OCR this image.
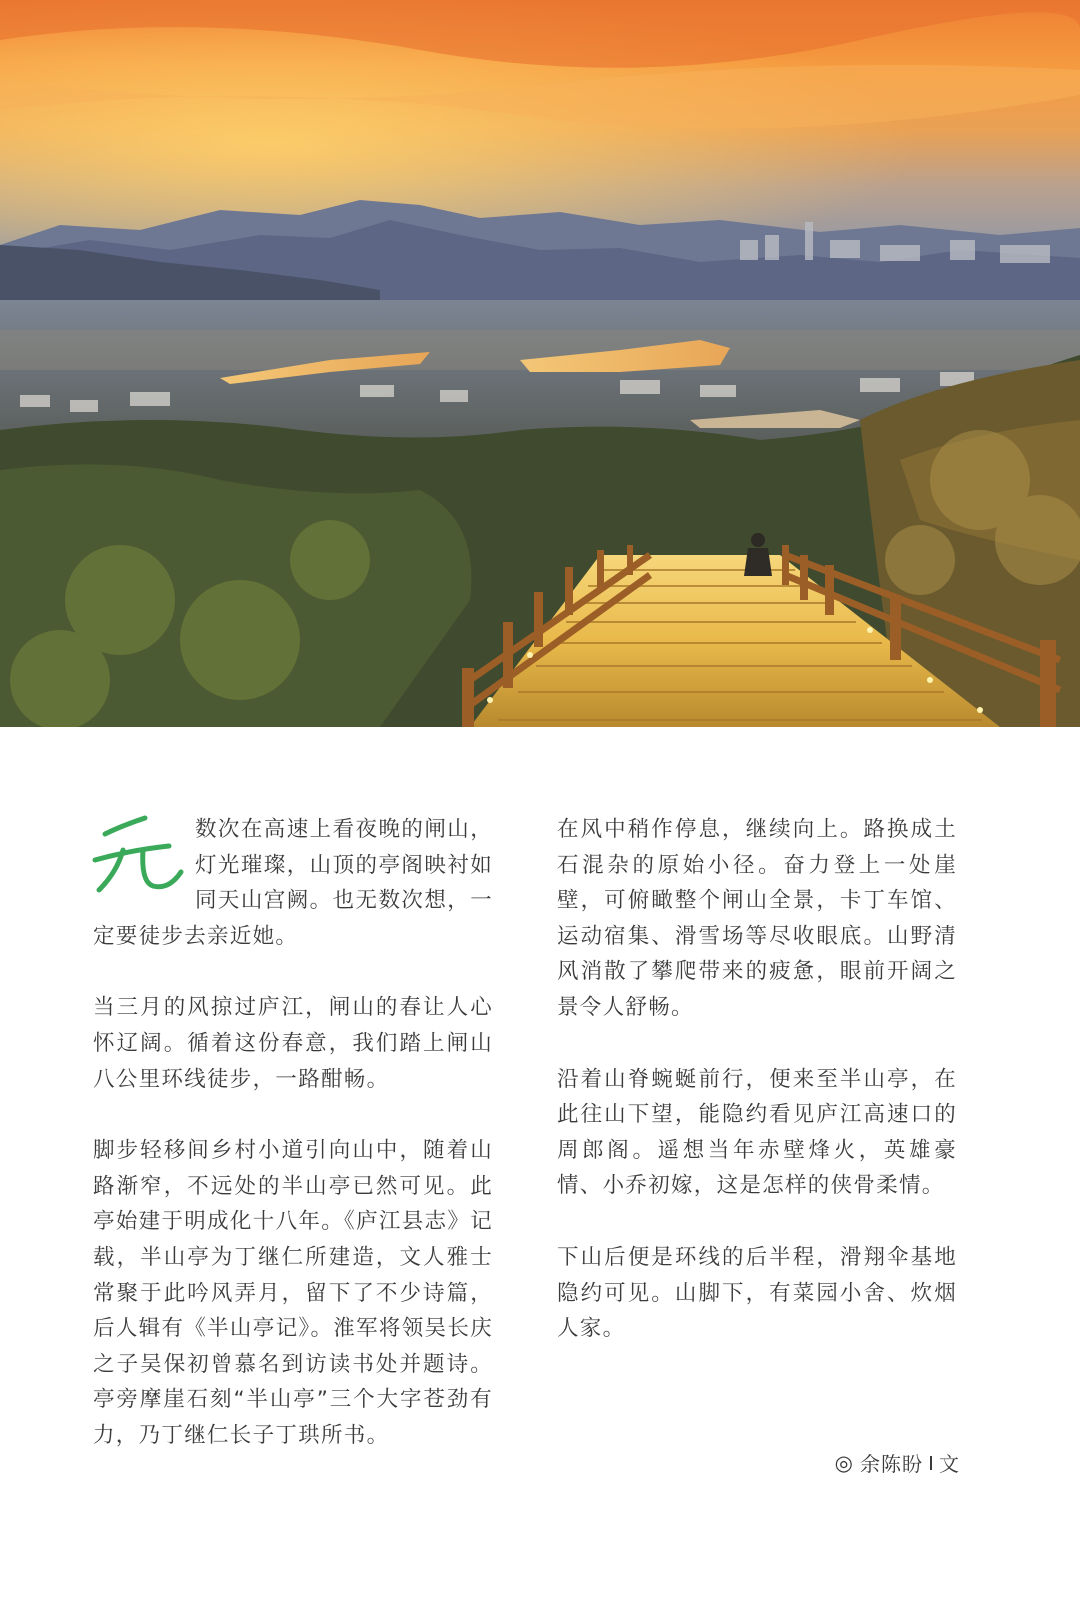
数次在高速上看夜晚的闸山，灯光璀璨，山顶的亭阁映衬如同天山宫阙。也无数次想，一定要徒步去亲近她。

当三月的风掠过庐江，闸山的春让人心怀辽阔。循着这份春意，我们踏上闸山八公里环线徒步，一路酣畅。

脚步轻移间乡村小道引向山中，随着山路渐窄，不远处的半山亭已然可见。此亭始建于明成化十八年。《庐江县志》记载，半山亭为丁继仁所建造，文人雅士常聚于此吟风弄月，留下了不少诗篇，后人辑有《半山亭记》。淮军将领吴长庆之子吴保初曾慕名到访读书处并题诗。亭旁摩崖石刻“半山亭”三个大字苍劲有力，乃丁继仁长子丁珙所书。

在风中稍作停息，继续向上。路换成土石混杂的原始小径。奋力登上一处崖壁，可俯瞰整个闸山全景，卡丁车馆、运动宿集、滑雪场等尽收眼底。山野清风消散了攀爬带来的疲惫，眼前开阔之景令人舒畅。

沿着山脊蜿蜒前行，便来至半山亭，在此往山下望，能隐约看见庐江高速口的周郎阁。遥想当年赤壁烽火，英雄豪情、小乔初嫁，这是怎样的侠骨柔情。

下山后便是环线的后半程，滑翔伞基地隐约可见。山脚下，有菜园小舍、炊烟人家。

◎ 余陈盼 文
